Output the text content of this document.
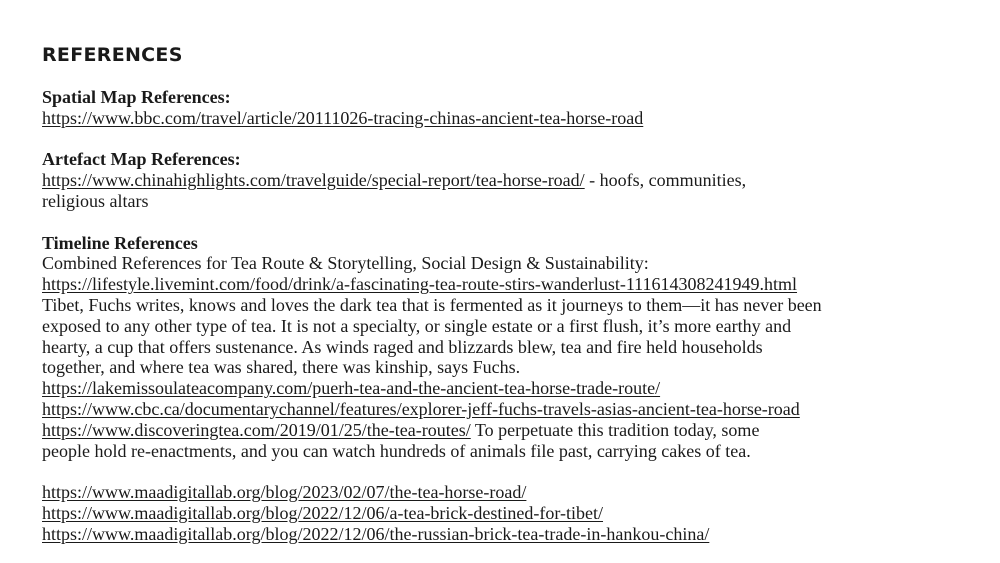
REFERENCES
Spatial Map References:
https://www.bbc.com/travel/article/20111026-tracing-chinas-ancient-tea-horse-road
Artefact Map References:
https://www.chinahighlights.com/travelguide/special-report/tea-horse-road/ - hoofs, communities,
religious altars
Timeline References
Combined References for Tea Route & Storytelling, Social Design & Sustainability:
https://lifestyle.livemint.com/food/drink/a-fascinating-tea-route-stirs-wanderlust-111614308241949.html
Tibet, Fuchs writes, knows and loves the dark tea that is fermented as it journeys to them—it has never been
exposed to any other type of tea. It is not a specialty, or single estate or a first flush, it’s more earthy and
hearty, a cup that offers sustenance. As winds raged and blizzards blew, tea and fire held households
together, and where tea was shared, there was kinship, says Fuchs.
https://lakemissoulateacompany.com/puerh-tea-and-the-ancient-tea-horse-trade-route/
https://www.cbc.ca/documentarychannel/features/explorer-jeff-fuchs-travels-asias-ancient-tea-horse-road
https://www.discoveringtea.com/2019/01/25/the-tea-routes/ To perpetuate this tradition today, some
people hold re-enactments, and you can watch hundreds of animals file past, carrying cakes of tea.
https://www.maadigitallab.org/blog/2023/02/07/the-tea-horse-road/
https://www.maadigitallab.org/blog/2022/12/06/a-tea-brick-destined-for-tibet/
https://www.maadigitallab.org/blog/2022/12/06/the-russian-brick-tea-trade-in-hankou-china/
